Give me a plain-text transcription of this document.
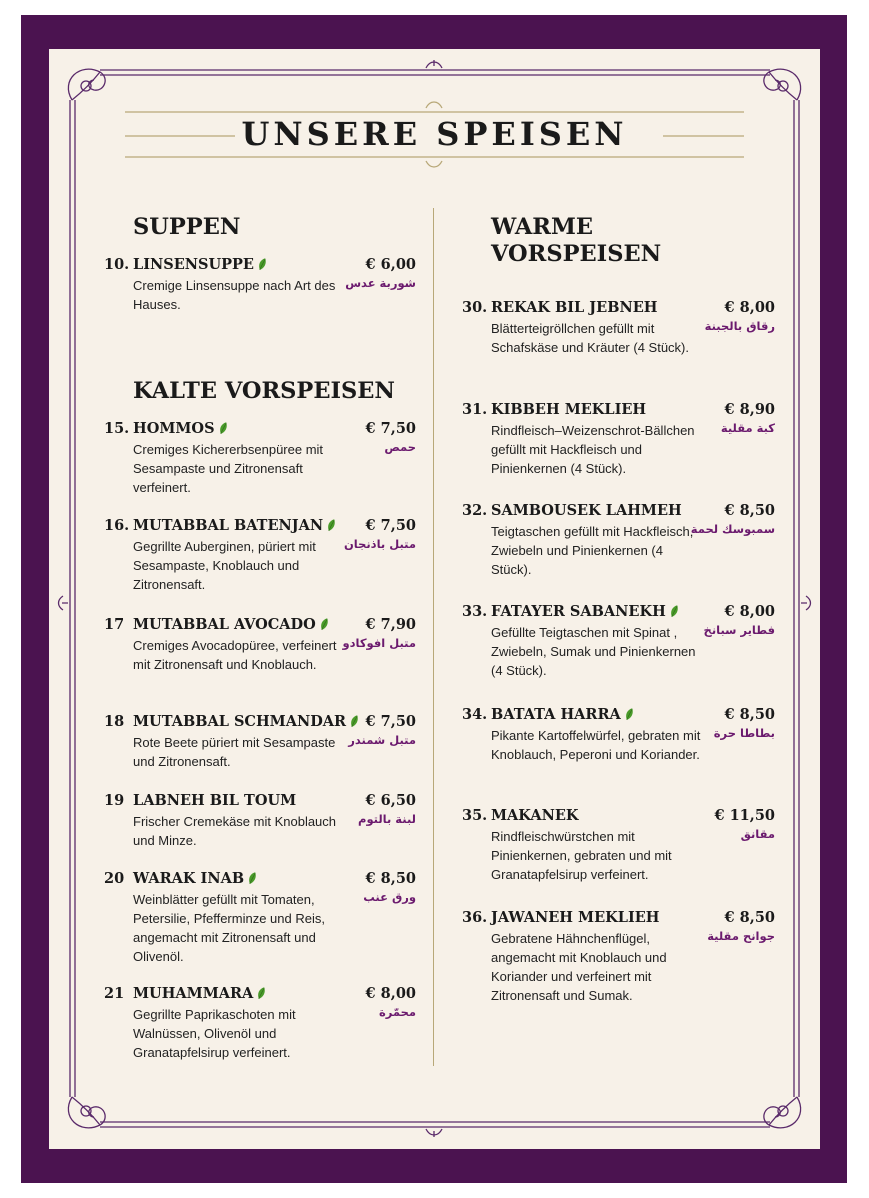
UNSERE SPEISEN
SUPPEN
KALTE VORSPEISEN
WARME
VORSPEISEN
10. LINSENSUPPE	€ 6,00
شوربة عدس
Cremige Linsensuppe nach Art des Hauses.
15. HOMMOS	€ 7,50
حمص
Cremiges Kichererbsenpüree mit Sesampaste und Zitronensaft verfeinert.
16. MUTABBAL BATENJAN	€ 7,50
متبل باذنجان
Gegrillte Auberginen, püriert mit Sesampaste, Knoblauch und Zitronensaft.
17 MUTABBAL AVOCADO	€ 7,90
متبل افوكادو
Cremiges Avocadopüree, verfeinert mit Zitronensaft und Knoblauch.
18 MUTABBAL SCHMANDAR € 7,50
متبل شمندر
Rote Beete püriert mit Sesampaste und Zitronensaft.
19 LABNEH BIL TOUM	€ 6,50
لبنة بالتوم
Frischer Cremekäse mit Knoblauch und Minze.
20 WARAK INAB	€ 8,50
ورق عنب
Weinblätter gefüllt mit Tomaten, Petersilie, Pfefferminze und Reis, angemacht mit Zitronensaft und Olivenöl.
21 MUHAMMARA	€ 8,00
محمّرة
Gegrillte Paprikaschoten mit Walnüssen, Olivenöl und Granatapfelsirup verfeinert.
30. REKAK BIL JEBNEH	€ 8,00
رقاق بالجبنة
Blätterteigröllchen gefüllt mit Schafskäse und Kräuter (4 Stück).
31. KIBBEH MEKLIEH	€ 8,90
كبة مقلية
Rindfleisch–Weizenschrot-Bällchen gefüllt mit Hackfleisch und Pinienkernen (4 Stück).
32. SAMBOUSEK LAHMEH	€ 8,50
سمبوسك لحمة
Teigtaschen gefüllt mit Hackfleisch, Zwiebeln und Pinienkernen (4 Stück).
33. FATAYER SABANEKH	€ 8,00
فطاير سبانخ
Gefüllte Teigtaschen mit Spinat , Zwiebeln, Sumak und Pinienkernen (4 Stück).
34. BATATA HARRA	€ 8,50
بطاطا حرة
Pikante Kartoffelwürfel, gebraten mit Knoblauch, Peperoni und Koriander.
35. MAKANEK	€ 11,50
مقانق
Rindfleischwürstchen mit Pinienkernen, gebraten und mit Granatapfelsirup verfeinert.
36. JAWANEH MEKLIEH	€ 8,50
جوانح مقلية
Gebratene Hähnchenflügel, angemacht mit Knoblauch und Koriander und verfeinert mit Zitronensaft und Sumak.
